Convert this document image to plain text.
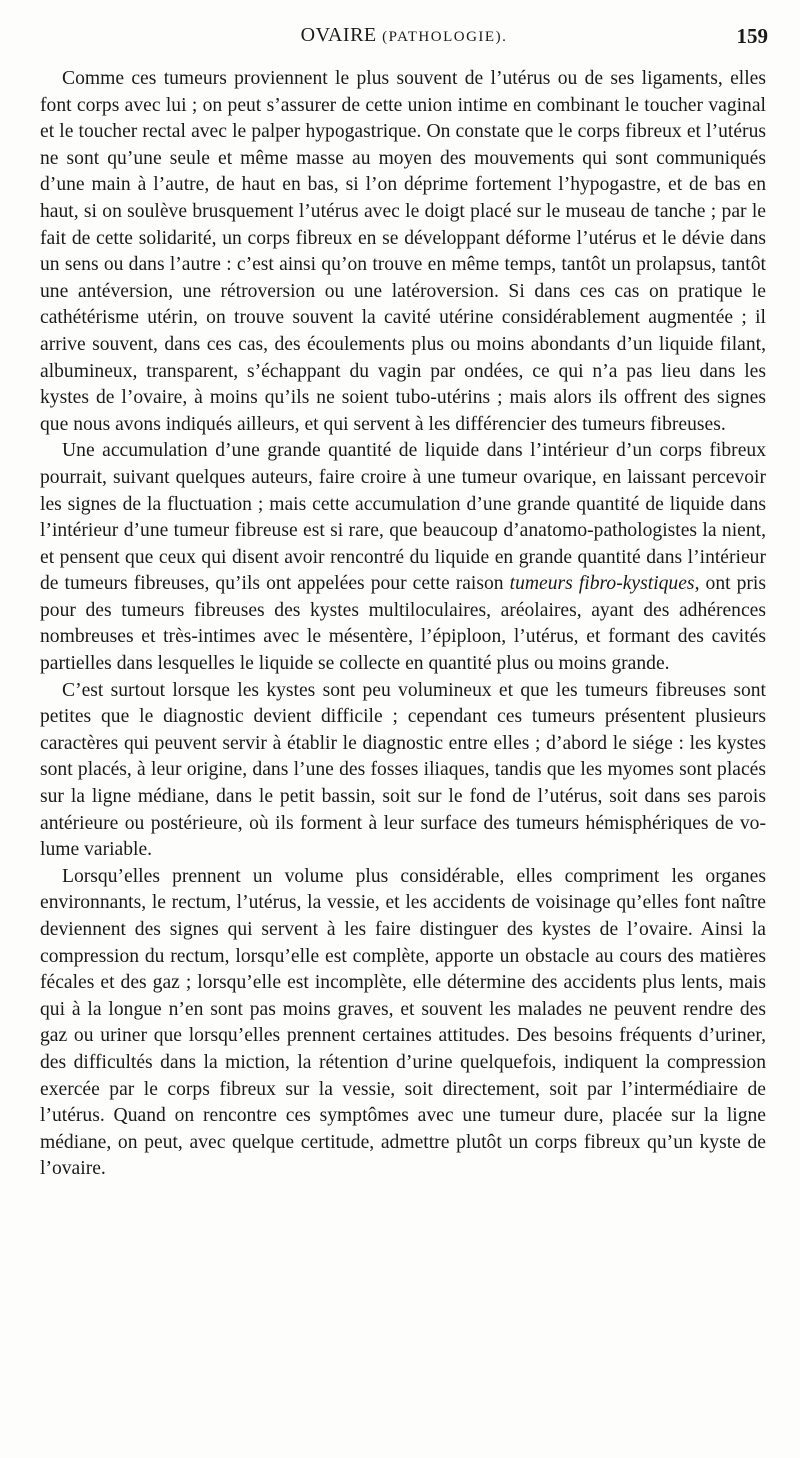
OVAIRE (PATHOLOGIE).	159

Comme ces tumeurs proviennent le plus souvent de l’utérus ou de ses ligaments, elles font corps avec lui ; on peut s’assurer de cette union intime en combinant le toucher vaginal et le toucher rectal avec le palper hypogastrique. On constate que le corps fibreux et l’utérus ne sont qu’une seule et même masse au moyen des mouvements qui sont communiqués d’une main à l’autre, de haut en bas, si l’on déprime fortement l’hypogastre, et de bas en haut, si on soulève brusquement l’utérus avec le doigt placé sur le museau de tanche ; par le fait de cette solidarité, un corps fibreux en se développant déforme l’utérus et le dévie dans un sens ou dans l’autre : c’est ainsi qu’on trouve en même temps, tantôt un prolapsus, tantôt une antéversion, une rétroversion ou une latéroversion. Si dans ces cas on pratique le cathétérisme utérin, on trouve souvent la cavité utérine considérablement augmentée ; il arrive souvent, dans ces cas, des écoulements plus ou moins abondants d’un liquide filant, albumineux, transparent, s’échappant du vagin par ondées, ce qui n’a pas lieu dans les kystes de l’ovaire, à moins qu’ils ne soient tubo-utérins ; mais alors ils offrent des signes que nous avons indiqués ailleurs, et qui servent à les différencier des tumeurs fibreuses.

Une accumulation d’une grande quantité de liquide dans l’intérieur d’un corps fibreux pourrait, suivant quelques auteurs, faire croire à une tumeur ovarique, en laissant percevoir les signes de la fluctuation ; mais cette accumulation d’une grande quantité de liquide dans l’intérieur d’une tumeur fibreuse est si rare, que beaucoup d’anatomo-pathologistes la nient, et pensent que ceux qui disent avoir rencontré du liquide en grande quantité dans l’intérieur de tumeurs fibreuses, qu’ils ont appelées pour cette raison tumeurs fibro-kystiques, ont pris pour des tumeurs fibreuses des kystes multiloculaires, aréolaires, ayant des adhérences nombreuses et très-intimes avec le mésentère, l’épiploon, l’utérus, et formant des cavités partielles dans lesquelles le liquide se collecte en quantité plus ou moins grande.

C’est surtout lorsque les kystes sont peu volumineux et que les tumeurs fibreuses sont petites que le diagnostic devient difficile ; cependant ces tumeurs présentent plusieurs caractères qui peuvent servir à établir le diagnostic entre elles ; d’abord le siége : les kystes sont placés, à leur origine, dans l’une des fosses iliaques, tandis que les myomes sont placés sur la ligne médiane, dans le petit bassin, soit sur le fond de l’utérus, soit dans ses parois antérieure ou postérieure, où ils forment à leur surface des tumeurs hémisphériques de volume variable.

Lorsqu’elles prennent un volume plus considérable, elles compriment les organes environnants, le rectum, l’utérus, la vessie, et les accidents de voisinage qu’elles font naître deviennent des signes qui servent à les faire distinguer des kystes de l’ovaire. Ainsi la compression du rectum, lorsqu’elle est complète, apporte un obstacle au cours des matières fécales et des gaz ; lorsqu’elle est incomplète, elle détermine des accidents plus lents, mais qui à la longue n’en sont pas moins graves, et souvent les malades ne peuvent rendre des gaz ou uriner que lorsqu’elles prennent certaines attitudes. Des besoins fréquents d’uriner, des difficultés dans la miction, la rétention d’urine quelquefois, indiquent la compression exercée par le corps fibreux sur la vessie, soit directement, soit par l’intermédiaire de l’utérus. Quand on rencontre ces symptômes avec une tumeur dure, placée sur la ligne médiane, on peut, avec quelque certitude, admettre plutôt un corps fibreux qu’un kyste de l’ovaire.
